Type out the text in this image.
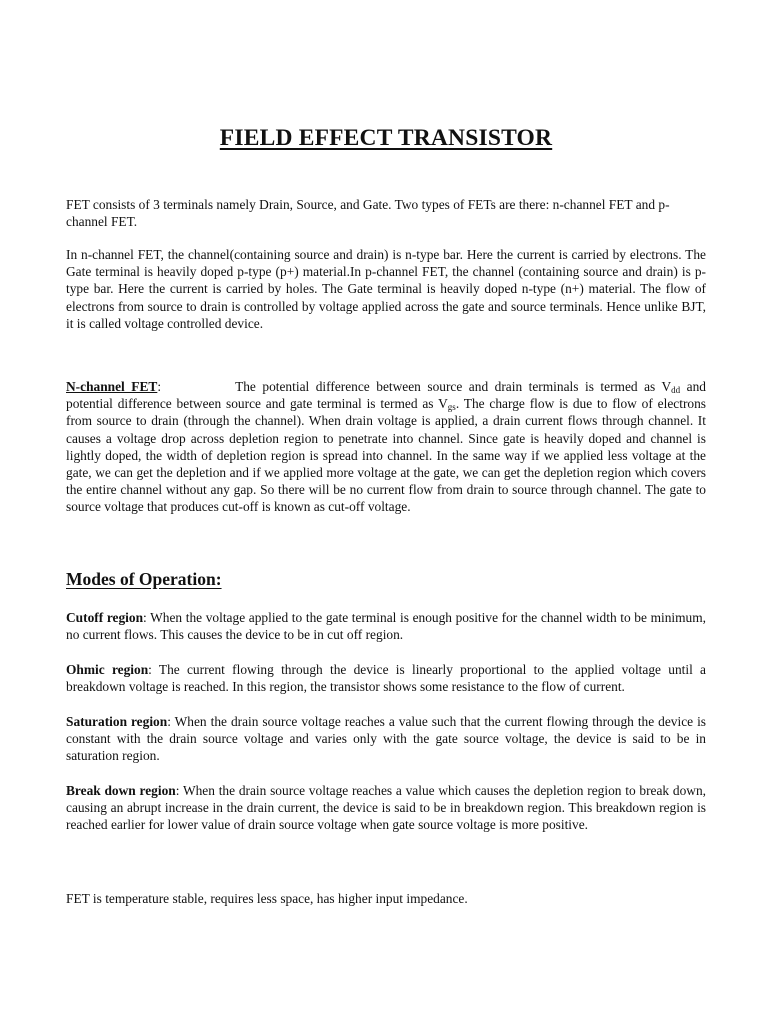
FIELD EFFECT TRANSISTOR

FET consists of 3 terminals namely Drain, Source, and Gate. Two types of FETs are there: n-channel FET and p-channel FET.

In n-channel FET, the channel(containing source and drain) is n-type bar. Here the current is carried by electrons. The Gate terminal is heavily doped p-type (p+) material.In p-channel FET, the channel (containing source and drain) is p-type bar. Here the current is carried by holes. The Gate terminal is heavily doped n-type (n+) material. The flow of electrons from source to drain is controlled by voltage applied across the gate and source terminals. Hence unlike BJT, it is called voltage controlled device.

N-channel FET:	The potential difference between source and drain terminals is termed as $V_{dd}$ and potential difference between source and gate terminal is termed as $V_{gs}$. The charge flow is due to flow of electrons from source to drain (through the channel). When drain voltage is applied, a drain current flows through channel. It causes a voltage drop across depletion region to penetrate into channel. Since gate is heavily doped and channel is lightly doped, the width of depletion region is spread into channel. In the same way if we applied less voltage at the gate, we can get the depletion and if we applied more voltage at the gate, we can get the depletion region which covers the entire channel without any gap. So there will be no current flow from drain to source through channel. The gate to source voltage that produces cut-off is known as cut-off voltage.

Modes of Operation:

Cutoff region: When the voltage applied to the gate terminal is enough positive for the channel width to be minimum, no current flows. This causes the device to be in cut off region.

Ohmic region: The current flowing through the device is linearly proportional to the applied voltage until a breakdown voltage is reached. In this region, the transistor shows some resistance to the flow of current.

Saturation region: When the drain source voltage reaches a value such that the current flowing through the device is constant with the drain source voltage and varies only with the gate source voltage, the device is said to be in saturation region.

Break down region: When the drain source voltage reaches a value which causes the depletion region to break down, causing an abrupt increase in the drain current, the device is said to be in breakdown region. This breakdown region is reached earlier for lower value of drain source voltage when gate source voltage is more positive.

FET is temperature stable, requires less space, has higher input impedance.
